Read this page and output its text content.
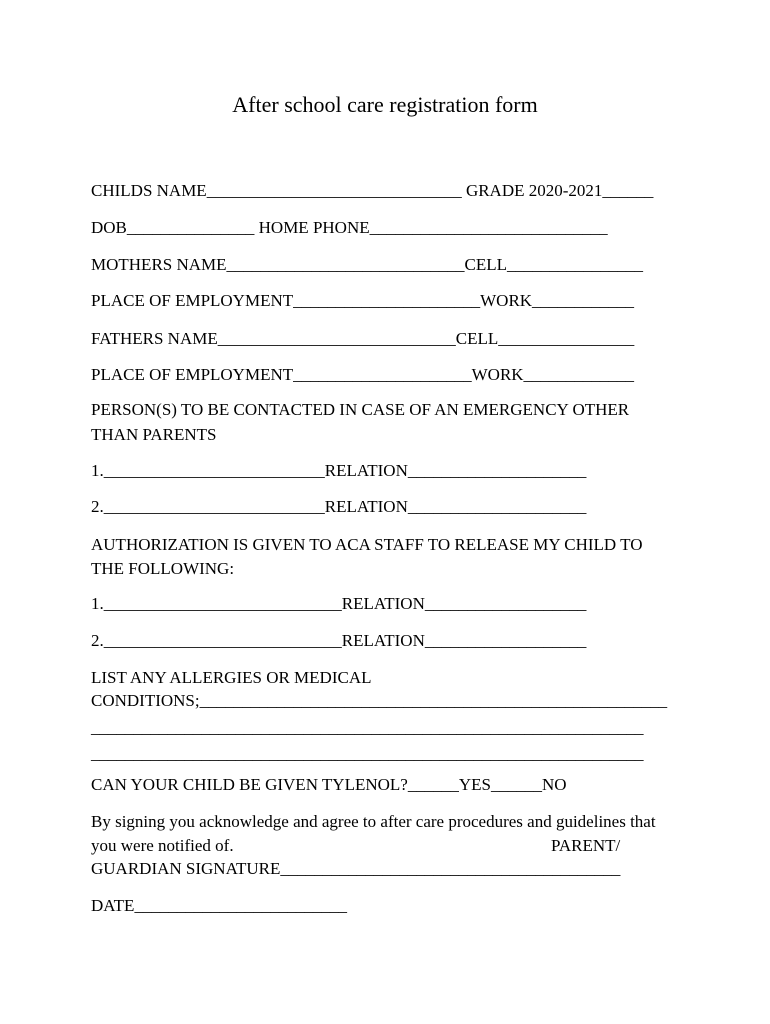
After school care registration form
CHILDS NAME______________________________ GRADE 2020-2021______
DOB_______________ HOME PHONE____________________________
MOTHERS NAME____________________________CELL________________
PLACE OF EMPLOYMENT______________________WORK____________
FATHERS NAME____________________________CELL________________
PLACE OF EMPLOYMENT_____________________WORK_____________
PERSON(S) TO BE CONTACTED IN CASE OF AN EMERGENCY OTHER
THAN PARENTS
1.__________________________RELATION_____________________
2.__________________________RELATION_____________________
AUTHORIZATION IS GIVEN TO ACA STAFF TO RELEASE MY CHILD TO
THE FOLLOWING:
1.____________________________RELATION___________________
2.____________________________RELATION___________________
LIST ANY ALLERGIES OR MEDICAL
CONDITIONS;_______________________________________________________
_________________________________________________________________
_________________________________________________________________
CAN YOUR CHILD BE GIVEN TYLENOL?______YES______NO
By signing you acknowledge and agree to after care procedures and guidelines that
you were notified of.	PARENT/
GUARDIAN SIGNATURE________________________________________
DATE_________________________
